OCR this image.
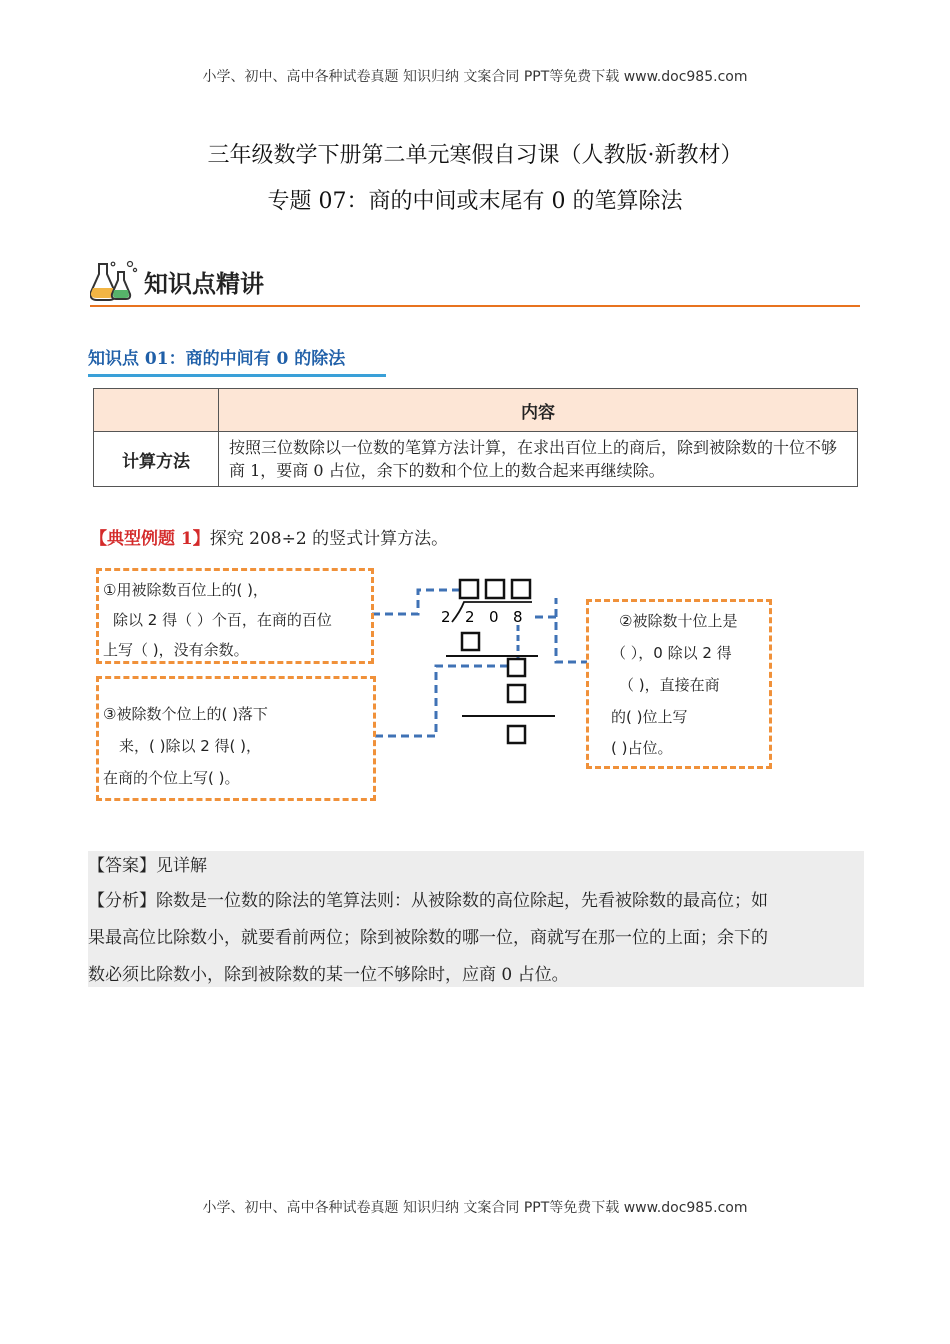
小学、初中、高中各种试卷真题 知识归纳 文案合同 PPT等免费下载 www.doc985.com
三年级数学下册第二单元寒假自习课（人教版·新教材）
专题 07：商的中间或末尾有 0 的笔算除法
知识点精讲
知识点 01：商的中间有 0 的除法
	内容
计算方法	按照三位数除以一位数的笔算方法计算，在求出百位上的商后，除到被除数的十位不够商 1，要商 0 占位，余下的数和个位上的数合起来再继续除。
【典型例题 1】探究 208÷2 的竖式计算方法。
2 2 0 8

①用被除数百位上的( )，

除以 2 得（ ）个百，在商的百位

上写（ )，没有余数。

②被除数十位上是

（ ），0 除以 2 得

（ )，直接在商

的( )位上写

( )占位。

③被除数个位上的( )落下

来，( )除以 2 得( )，

在商的个位上写( )。

【答案】见详解

【分析】除数是一位数的除法的笔算法则：从被除数的高位除起，先看被除数的最高位；如

果最高位比除数小，就要看前两位；除到被除数的哪一位，商就写在那一位的上面；余下的

数必须比除数小，除到被除数的某一位不够除时，应商 0 占位。

小学、初中、高中各种试卷真题 知识归纳 文案合同 PPT等免费下载 www.doc985.com
